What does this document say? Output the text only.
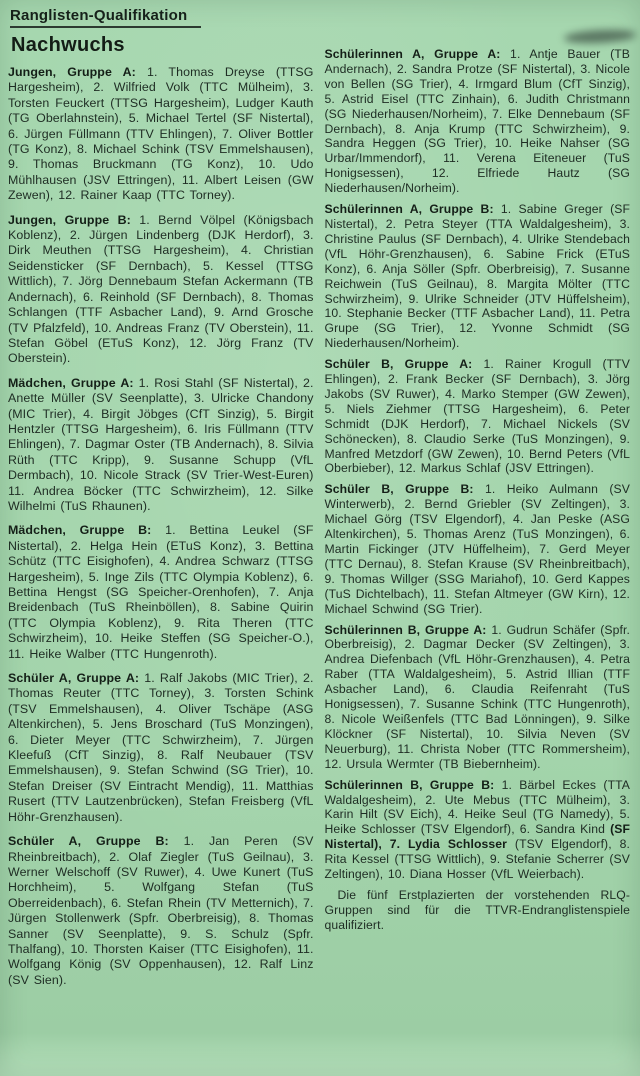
Ranglisten-Qualifikation
Nachwuchs

Jungen, Gruppe A: 1. Thomas Dreyse (TTSG Hargesheim), 2. Wilfried Volk (TTC Mülheim), 3. Torsten Feuckert (TTSG Hargesheim), Ludger Kauth (TG Oberlahnstein), 5. Michael Tertel (SF Nistertal), 6. Jürgen Füllmann (TTV Ehlingen), 7. Oliver Bottler (TG Konz), 8. Michael Schink (TSV Emmelshausen), 9. Thomas Bruckmann (TG Konz), 10. Udo Mühlhausen (JSV Ettringen), 11. Albert Leisen (GW Zewen), 12. Rainer Kaap (TTC Torney).

Jungen, Gruppe B: 1. Bernd Völpel (Königsbach Koblenz), 2. Jürgen Lindenberg (DJK Herdorf), 3. Dirk Meuthen (TTSG Hargesheim), 4. Christian Seidensticker (SF Dernbach), 5. Kessel (TTSG Wittlich), 7. Jörg Dennebaum Stefan Ackermann (TB Andernach), 6. Reinhold (SF Dernbach), 8. Thomas Schlangen (TTF Asbacher Land), 9. Arnd Grosche (TV Pfalzfeld), 10. Andreas Franz (TV Oberstein), 11. Stefan Göbel (ETuS Konz), 12. Jörg Franz (TV Oberstein).

Mädchen, Gruppe A: 1. Rosi Stahl (SF Nistertal), 2. Anette Müller (SV Seenplatte), 3. Ulricke Chandony (MIC Trier), 4. Birgit Jöbges (CfT Sinzig), 5. Birgit Hentzler (TTSG Hargesheim), 6. Iris Füllmann (TTV Ehlingen), 7. Dagmar Oster (TB Andernach), 8. Silvia Rüth (TTC Kripp), 9. Susanne Schupp (VfL Dermbach), 10. Nicole Strack (SV Trier-West-Euren) 11. Andrea Böcker (TTC Schwirzheim), 12. Silke Wilhelmi (TuS Rhaunen).

Mädchen, Gruppe B: 1. Bettina Leukel (SF Nistertal), 2. Helga Hein (ETuS Konz), 3. Bettina Schütz (TTC Eisighofen), 4. Andrea Schwarz (TTSG Hargesheim), 5. Inge Zils (TTC Olympia Koblenz), 6. Bettina Hengst (SG Speicher-Orenhofen), 7. Anja Breidenbach (TuS Rheinböllen), 8. Sabine Quirin (TTC Olympia Koblenz), 9. Rita Theren (TTC Schwirzheim), 10. Heike Steffen (SG Speicher-O.), 11. Heike Walber (TTC Hungenroth).

Schüler A, Gruppe A: 1. Ralf Jakobs (MIC Trier), 2. Thomas Reuter (TTC Torney), 3. Torsten Schink (TSV Emmelshausen), 4. Oliver Tschäpe (ASG Altenkirchen), 5. Jens Broschard (TuS Monzingen), 6. Dieter Meyer (TTC Schwirzheim), 7. Jürgen Kleefuß (CfT Sinzig), 8. Ralf Neubauer (TSV Emmelshausen), 9. Stefan Schwind (SG Trier), 10. Stefan Dreiser (SV Eintracht Mendig), 11. Matthias Rusert (TTV Lautzenbrücken), Stefan Freisberg (VfL Höhr-Grenzhausen).

Schüler A, Gruppe B: 1. Jan Peren (SV Rheinbreitbach), 2. Olaf Ziegler (TuS Geilnau), 3. Werner Welschoff (SV Ruwer), 4. Uwe Kunert (TuS Horchheim), 5. Wolfgang Stefan (TuS Oberreidenbach), 6. Stefan Rhein (TV Metternich), 7. Jürgen Stollenwerk (Spfr. Oberbreisig), 8. Thomas Sanner (SV Seenplatte), 9. S. Schulz (Spfr. Thalfang), 10. Thorsten Kaiser (TTC Eisighofen), 11. Wolfgang König (SV Oppenhausen), 12. Ralf Linz (SV Sien).

Schülerinnen A, Gruppe A: 1. Antje Bauer (TB Andernach), 2. Sandra Protze (SF Nistertal), 3. Nicole von Bellen (SG Trier), 4. Irmgard Blum (CfT Sinzig), 5. Astrid Eisel (TTC Zinhain), 6. Judith Christmann (SG Niederhausen/Norheim), 7. Elke Dennebaum (SF Dernbach), 8. Anja Krump (TTC Schwirzheim), 9. Sandra Heggen (SG Trier), 10. Heike Nahser (SG Urbar/Immendorf), 11. Verena Eiteneuer (TuS Honigsessen), 12. Elfriede Hautz (SG Niederhausen/Norheim).

Schülerinnen A, Gruppe B: 1. Sabine Greger (SF Nistertal), 2. Petra Steyer (TTA Waldalgesheim), 3. Christine Paulus (SF Dernbach), 4. Ulrike Stendebach (VfL Höhr-Grenzhausen), 6. Sabine Frick (ETuS Konz), 6. Anja Söller (Spfr. Oberbreisig), 7. Susanne Reichwein (TuS Geilnau), 8. Margita Mölter (TTC Schwirzheim), 9. Ulrike Schneider (JTV Hüffelsheim), 10. Stephanie Becker (TTF Asbacher Land), 11. Petra Grupe (SG Trier), 12. Yvonne Schmidt (SG Niederhausen/Norheim).

Schüler B, Gruppe A: 1. Rainer Krogull (TTV Ehlingen), 2. Frank Becker (SF Dernbach), 3. Jörg Jakobs (SV Ruwer), 4. Marko Stemper (GW Zewen), 5. Niels Ziehmer (TTSG Hargesheim), 6. Peter Schmidt (DJK Herdorf), 7. Michael Nickels (SV Schönecken), 8. Claudio Serke (TuS Monzingen), 9. Manfred Metzdorf (GW Zewen), 10. Bernd Peters (VfL Oberbieber), 12. Markus Schlaf (JSV Ettringen).

Schüler B, Gruppe B: 1. Heiko Aulmann (SV Winterwerb), 2. Bernd Griebler (SV Zeltingen), 3. Michael Görg (TSV Elgendorf), 4. Jan Peske (ASG Altenkirchen), 5. Thomas Arenz (TuS Monzingen), 6. Martin Fickinger (JTV Hüffelheim), 7. Gerd Meyer (TTC Dernau), 8. Stefan Krause (SV Rheinbreitbach), 9. Thomas Willger (SSG Mariahof), 10. Gerd Kappes (TuS Dichtelbach), 11. Stefan Altmeyer (GW Kirn), 12. Michael Schwind (SG Trier).

Schülerinnen B, Gruppe A: 1. Gudrun Schäfer (Spfr. Oberbreisig), 2. Dagmar Decker (SV Zeltingen), 3. Andrea Diefenbach (VfL Höhr-Grenzhausen), 4. Petra Raber (TTA Waldalgesheim), 5. Astrid Illian (TTF Asbacher Land), 6. Claudia Reifenraht (TuS Honigsessen), 7. Susanne Schink (TTC Hungenroth), 8. Nicole Weißenfels (TTC Bad Lönningen), 9. Silke Klöckner (SF Nistertal), 10. Silvia Neven (SV Neuerburg), 11. Christa Nober (TTC Rommersheim), 12. Ursula Wermter (TB Biebernheim).

Schülerinnen B, Gruppe B: 1. Bärbel Eckes (TTA Waldalgesheim), 2. Ute Mebus (TTC Mülheim), 3. Karin Hilt (SV Eich), 4. Heike Seul (TG Namedy), 5. Heike Schlosser (TSV Elgendorf), 6. Sandra Kind (SF Nistertal), 7. Lydia Schlosser (TSV Elgendorf), 8. Rita Kessel (TTSG Wittlich), 9. Stefanie Scherrer (SV Zeltingen), 10. Diana Hosser (VfL Weierbach).

Die fünf Erstplazierten der vorstehenden RLQ-Gruppen sind für die TTVR-Endranglistenspiele qualifiziert.
